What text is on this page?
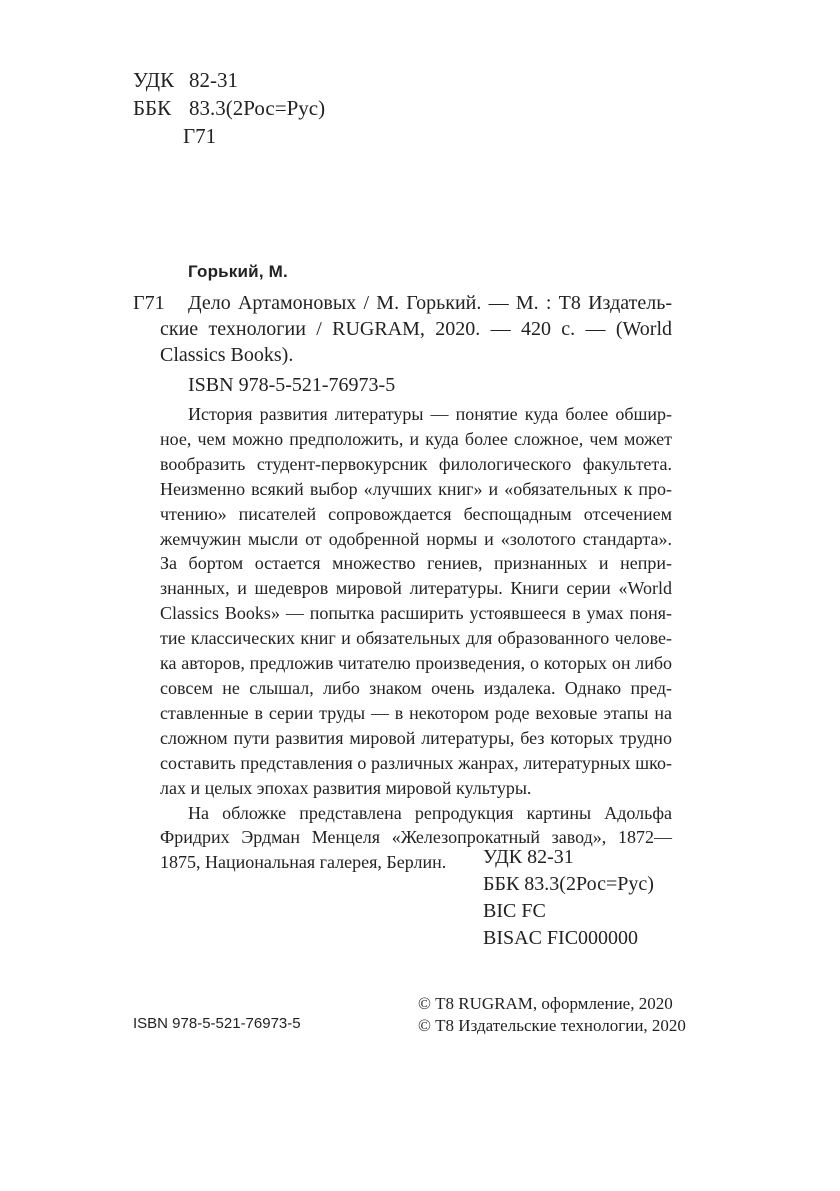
УДК 82-31
ББК 83.3(2Рос=Рус)
Г71
Горький, М.
Г71	Дело Артамоновых / М. Горький. — М. : Т8 Издательские технологии / RUGRAM, 2020. — 420 с. — (World Classics Books).
ISBN 978-5-521-76973-5

История развития литературы — понятие куда более обширное, чем можно предположить, и куда более сложное, чем может вообразить студент-первокурсник филологического факультета. Неизменно всякий выбор «лучших книг» и «обязательных к прочтению» писателей сопровождается беспощадным отсечением жемчужин мысли от одобренной нормы и «золотого стандарта». За бортом остается множество гениев, признанных и непризнанных, и шедевров мировой литературы. Книги серии «World Classics Books» — попытка расширить устоявшееся в умах понятие классических книг и обязательных для образованного человека авторов, предложив читателю произведения, о которых он либо совсем не слышал, либо знаком очень издалека. Однако представленные в серии труды — в некотором роде веховые этапы на сложном пути развития мировой литературы, без которых трудно составить представления о различных жанрах, литературных школах и целых эпохах развития мировой культуры.

На обложке представлена репродукция картины Адольфа Фридрих Эрдман Менцеля «Железопрокатный завод», 1872—1875, Национальная галерея, Берлин.	УДК 82-31
ББК 83.3(2Рос=Рус)
BIC FC
BISAC FIC000000
ISBN 978-5-521-76973-5
© Т8 RUGRAM, оформление, 2020
© Т8 Издательские технологии, 2020
